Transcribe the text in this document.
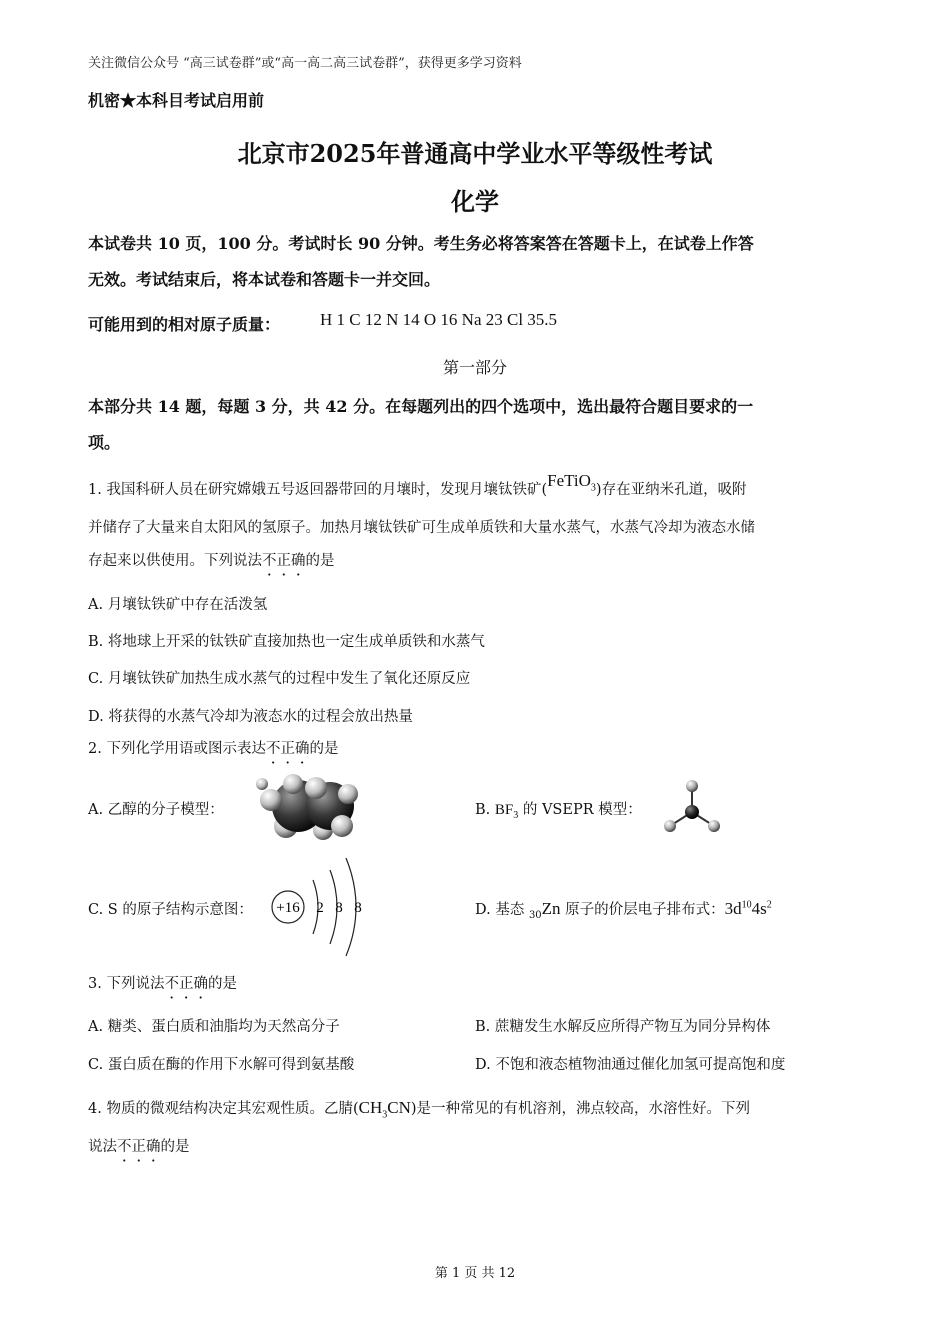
关注微信公众号 “高三试卷群”或“高一高二高三试卷群”，获得更多学习资料
机密★本科目考试启用前
北京市2025年普通高中学业水平等级性考试
化学
本试卷共 10 页，100 分。考试时长 90 分钟。考生务必将答案答在答题卡上，在试卷上作答
无效。考试结束后，将本试卷和答题卡一并交回。
可能用到的相对原子质量： H 1 C 12 N 14 O 16 Na 23 Cl 35.5
第一部分
本部分共 14 题，每题 3 分，共 42 分。在每题列出的四个选项中，选出最符合题目要求的一
项。
1. 我国科研人员在研究嫦娥五号返回器带回的月壤时，发现月壤钛铁矿(FeTiO$_3$)存在亚纳米孔道，吸附
并储存了大量来自太阳风的氢原子。加热月壤钛铁矿可生成单质铁和大量水蒸气，水蒸气冷却为液态水储
存起来以供使用。下列说法不正确的是
A. 月壤钛铁矿中存在活泼氢
B. 将地球上开采的钛铁矿直接加热也一定生成单质铁和水蒸气
C. 月壤钛铁矿加热生成水蒸气的过程中发生了氧化还原反应
D. 将获得的水蒸气冷却为液态水的过程会放出热量
2. 下列化学用语或图示表达不正确的是
A. 乙醇的分子模型：	B. $BF_3$ 的 VSEPR 模型：
C. S 的原子结构示意图： +16 2 8 8	D. 基态 $_{30}$Zn 原子的价层电子排布式：$3d^{10}4s^2$
3. 下列说法不正确的是
A. 糖类、蛋白质和油脂均为天然高分子	B. 蔗糖发生水解反应所得产物互为同分异构体
C. 蛋白质在酶的作用下水解可得到氨基酸	D. 不饱和液态植物油通过催化加氢可提高饱和度
4. 物质的微观结构决定其宏观性质。乙腈$(CH_3CN)$是一种常见的有机溶剂，沸点较高，水溶性好。下列
说法不正确的是
第 1 页 共 12
